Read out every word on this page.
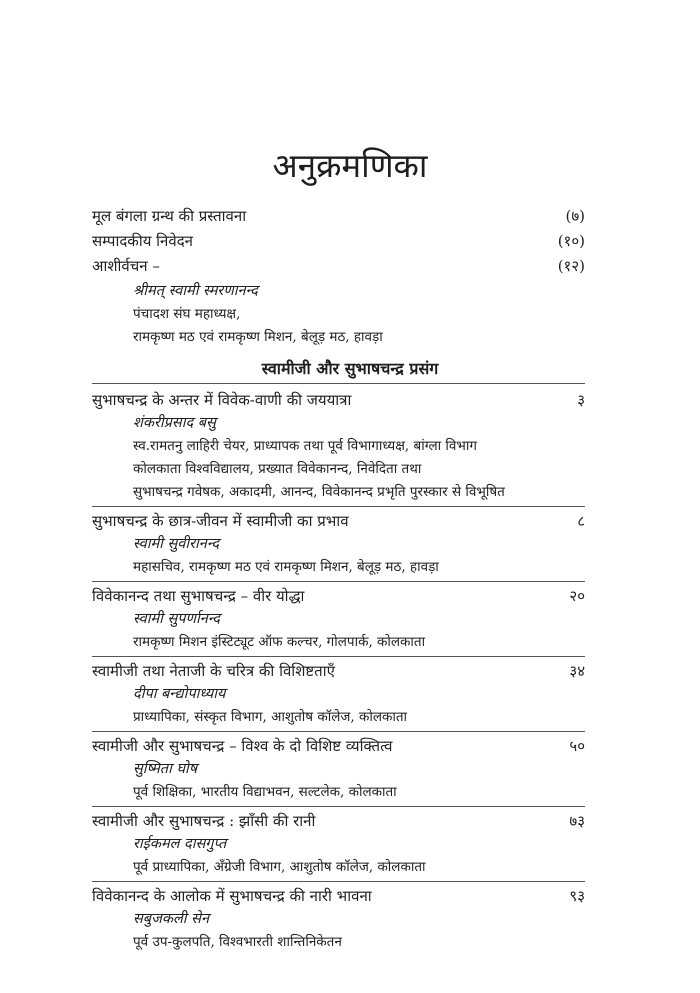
अनुक्रमणिका
मूल बंगला ग्रन्थ की प्रस्तावना	(७)
सम्पादकीय निवेदन	(१०)
आशीर्वचन –	(१२)
श्रीमत् स्वामी स्मरणानन्द
पंचादश संघ महाध्यक्ष,
रामकृष्ण मठ एवं रामकृष्ण मिशन, बेलूड़ मठ, हावड़ा
स्वामीजी और सुभाषचन्द्र प्रसंग
सुभाषचन्द्र के अन्तर में विवेक-वाणी की जययात्रा	३
शंकरीप्रसाद बसु
स्व.रामतनु लाहिरी चेयर, प्राध्यापक तथा पूर्व विभागाध्यक्ष, बांग्ला विभाग
कोलकाता विश्वविद्यालय, प्रख्यात विवेकानन्द, निवेदिता तथा
सुभाषचन्द्र गवेषक, अकादमी, आनन्द, विवेकानन्द प्रभृति पुरस्कार से विभूषित
सुभाषचन्द्र के छात्र-जीवन में स्वामीजी का प्रभाव	८
स्वामी सुवीरानन्द
महासचिव, रामकृष्ण मठ एवं रामकृष्ण मिशन, बेलूड़ मठ, हावड़ा
विवेकानन्द तथा सुभाषचन्द्र – वीर योद्धा	२०
स्वामी सुपर्णानन्द
रामकृष्ण मिशन इंस्टिट्यूट ऑफ कल्चर, गोलपार्क, कोलकाता
स्वामीजी तथा नेताजी के चरित्र की विशिष्टताएँ	३४
दीपा बन्द्योपाध्याय
प्राध्यापिका, संस्कृत विभाग, आशुतोष कॉलेज, कोलकाता
स्वामीजी और सुभाषचन्द्र – विश्व के दो विशिष्ट व्यक्तित्व	५०
सुष्मिता घोष
पूर्व शिक्षिका, भारतीय विद्याभवन, सल्टलेक, कोलकाता
स्वामीजी और सुभाषचन्द्र : झाँसी की रानी	७३
राईकमल दासगुप्त
पूर्व प्राध्यापिका, अँग्रेजी विभाग, आशुतोष कॉलेज, कोलकाता
विवेकानन्द के आलोक में सुभाषचन्द्र की नारी भावना	९३
सबुजकली सेन
पूर्व उप-कुलपति, विश्वभारती शान्तिनिकेतन
